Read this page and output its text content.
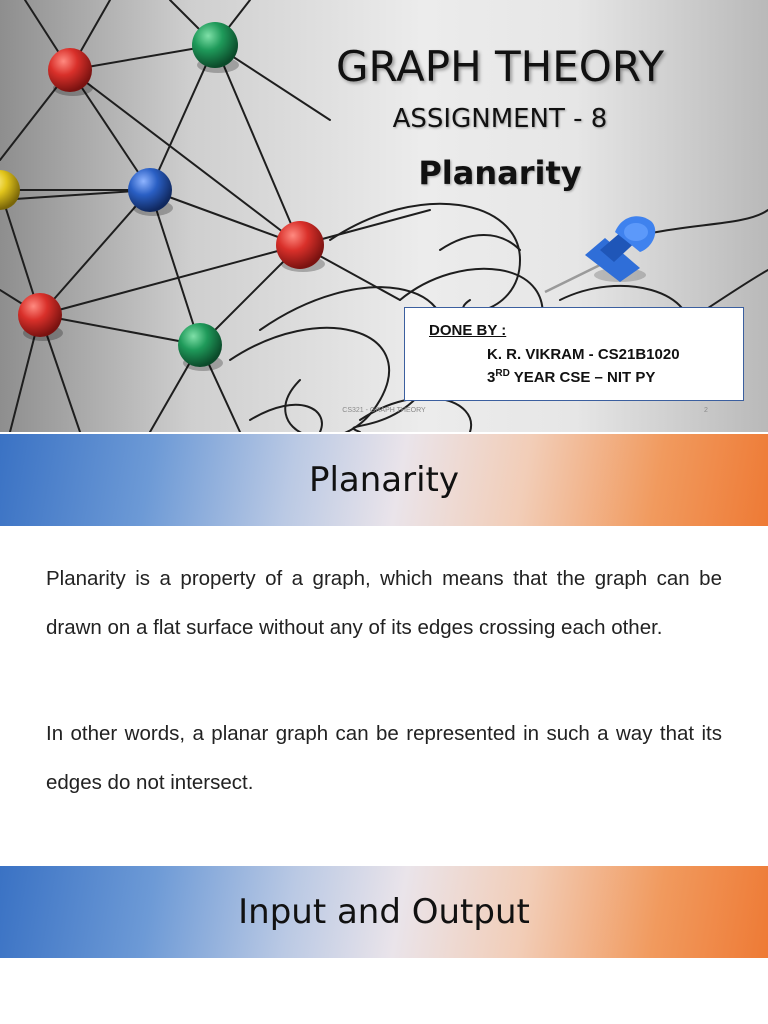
GRAPH THEORY
ASSIGNMENT - 8
Planarity
DONE BY :
K. R. VIKRAM - CS21B1020
3RD YEAR CSE – NIT PY
Planarity

Planarity is a property of a graph, which means that the graph can be drawn on a flat surface without any of its edges crossing each other.

In other words, a planar graph can be represented in such a way that its edges do not intersect.

CS321 - GRAPH THEORY	2
Input and Output
